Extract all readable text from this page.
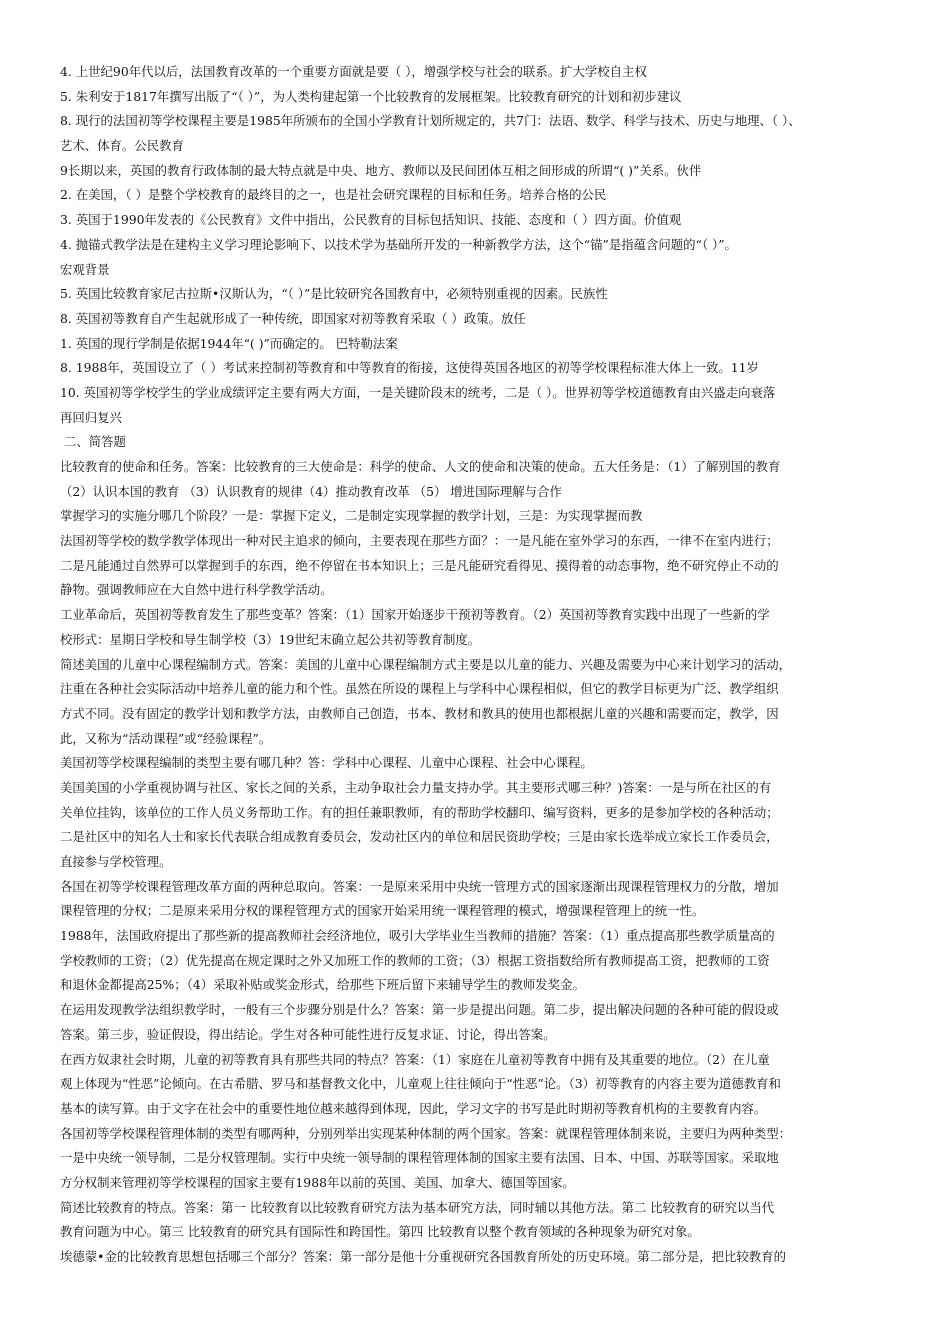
4. 上世纪90年代以后，法国教育改革的一个重要方面就是要（ ），增强学校与社会的联系。扩大学校自主权
5. 朱利安于1817年撰写出版了“（ ）”，为人类构建起第一个比较教育的发展框架。比较教育研究的计划和初步建议
8. 现行的法国初等学校课程主要是1985年所颁布的全国小学教育计划所规定的，共7门：法语、数学、科学与技术、历史与地理、（ ）、
艺术、体育。公民教育
9长期以来，英国的教育行政体制的最大特点就是中央、地方、教师以及民间团体互相之间形成的所谓“( )”关系。伙伴
2. 在美国，（ ）是整个学校教育的最终目的之一，也是社会研究课程的目标和任务。培养合格的公民
3. 英国于1990年发表的《公民教育》文件中指出，公民教育的目标包括知识、技能、态度和（ ）四方面。价值观
4. 抛锚式教学法是在建构主义学习理论影响下、以技术学为基础所开发的一种新教学方法，这个“锚”是指蕴含问题的“（ ）”。
宏观背景
5. 英国比较教育家尼古拉斯•汉斯认为，“（ ）”是比较研究各国教育中，必须特别重视的因素。民族性
8. 英国初等教育自产生起就形成了一种传统，即国家对初等教育采取（ ）政策。放任
1. 英国的现行学制是依据1944年“( )”而确定的。 巴特勒法案
8. 1988年，英国设立了（ ）考试来控制初等教育和中等教育的衔接，这使得英国各地区的初等学校课程标准大体上一致。11岁
10. 英国初等学校学生的学业成绩评定主要有两大方面，一是关键阶段末的统考，二是（ ）。世界初等学校道德教育由兴盛走向衰落
再回归复兴
二、简答题
比较教育的使命和任务。答案：比较教育的三大使命是：科学的使命、人文的使命和决策的使命。五大任务是：（1）了解别国的教育
（2）认识本国的教育 （3）认识教育的规律（4）推动教育改革 （5） 增进国际理解与合作
掌握学习的实施分哪几个阶段？一是：掌握下定义，二是制定实现掌握的教学计划，三是：为实现掌握而教
法国初等学校的数学教学体现出一种对民主追求的倾向，主要表现在那些方面？：一是凡能在室外学习的东西，一律不在室内进行；
二是凡能通过自然界可以掌握到手的东西，绝不停留在书本知识上；三是凡能研究看得见、摸得着的动态事物，绝不研究停止不动的
静物。强调教师应在大自然中进行科学教学活动。
工业革命后，英国初等教育发生了那些变革？答案：（1）国家开始逐步干预初等教育。（2）英国初等教育实践中出现了一些新的学
校形式：星期日学校和导生制学校（3）19世纪末确立起公共初等教育制度。
简述美国的儿童中心课程编制方式。答案：美国的儿童中心课程编制方式主要是以儿童的能力、兴趣及需要为中心来计划学习的活动，
注重在各种社会实际活动中培养儿童的能力和个性。虽然在所设的课程上与学科中心课程相似，但它的教学目标更为广泛、教学组织
方式不同。没有固定的教学计划和教学方法，由教师自己创造，书本、教材和教具的使用也都根据儿童的兴趣和需要而定，教学，因
此，又称为“活动课程”或“经验课程”。
美国初等学校课程编制的类型主要有哪几种？答：学科中心课程、儿童中心课程、社会中心课程。
美国美国的小学重视协调与社区、家长之间的关系，主动争取社会力量支持办学。其主要形式哪三种？)答案：一是与所在社区的有
关单位挂钩，该单位的工作人员义务帮助工作。有的担任兼职教师，有的帮助学校翻印、编写资料，更多的是参加学校的各种活动；
二是社区中的知名人士和家长代表联合组成教育委员会，发动社区内的单位和居民资助学校；三是由家长选举成立家长工作委员会，
直接参与学校管理。
各国在初等学校课程管理改革方面的两种总取向。答案：一是原来采用中央统一管理方式的国家逐渐出现课程管理权力的分散，增加
课程管理的分权；二是原来采用分权的课程管理方式的国家开始采用统一课程管理的模式，增强课程管理上的统一性。
1988年，法国政府提出了那些新的提高教师社会经济地位，吸引大学毕业生当教师的措施？答案：（1）重点提高那些教学质量高的
学校教师的工资；（2）优先提高在规定课时之外又加班工作的教师的工资；（3）根据工资指数给所有教师提高工资，把教师的工资
和退休金都提高25%；（4）采取补贴或奖金形式，给那些下班后留下来辅导学生的教师发奖金。
在运用发现教学法组织教学时，一般有三个步骤分别是什么？答案：第一步是提出问题。第二步，提出解决问题的各种可能的假设或
答案。第三步，验证假设，得出结论。学生对各种可能性进行反复求证、讨论，得出答案。
在西方奴隶社会时期，儿童的初等教育具有那些共同的特点？答案：（1）家庭在儿童初等教育中拥有及其重要的地位。（2）在儿童
观上体现为“性恶”论倾向。在古希腊、罗马和基督教文化中，儿童观上往往倾向于“性恶”论。（3）初等教育的内容主要为道德教育和
基本的读写算。由于文字在社会中的重要性地位越来越得到体现，因此，学习文字的书写是此时期初等教育机构的主要教育内容。
各国初等学校课程管理体制的类型有哪两种，分别列举出实现某种体制的两个国家。答案：就课程管理体制来说，主要归为两种类型：
一是中央统一领导制，二是分权管理制。实行中央统一领导制的课程管理体制的国家主要有法国、日本、中国、苏联等国家。采取地
方分权制来管理初等学校课程的国家主要有1988年以前的英国、美国、加拿大、德国等国家。
简述比较教育的特点。答案：第一 比较教育以比较教育研究方法为基本研究方法，同时辅以其他方法。第二 比较教育的研究以当代
教育问题为中心。第三 比较教育的研究具有国际性和跨国性。第四 比较教育以整个教育领域的各种现象为研究对象。
埃德蒙•金的比较教育思想包括哪三个部分？答案：第一部分是他十分重视研究各国教育所处的历史环境。第二部分是，把比较教育的
